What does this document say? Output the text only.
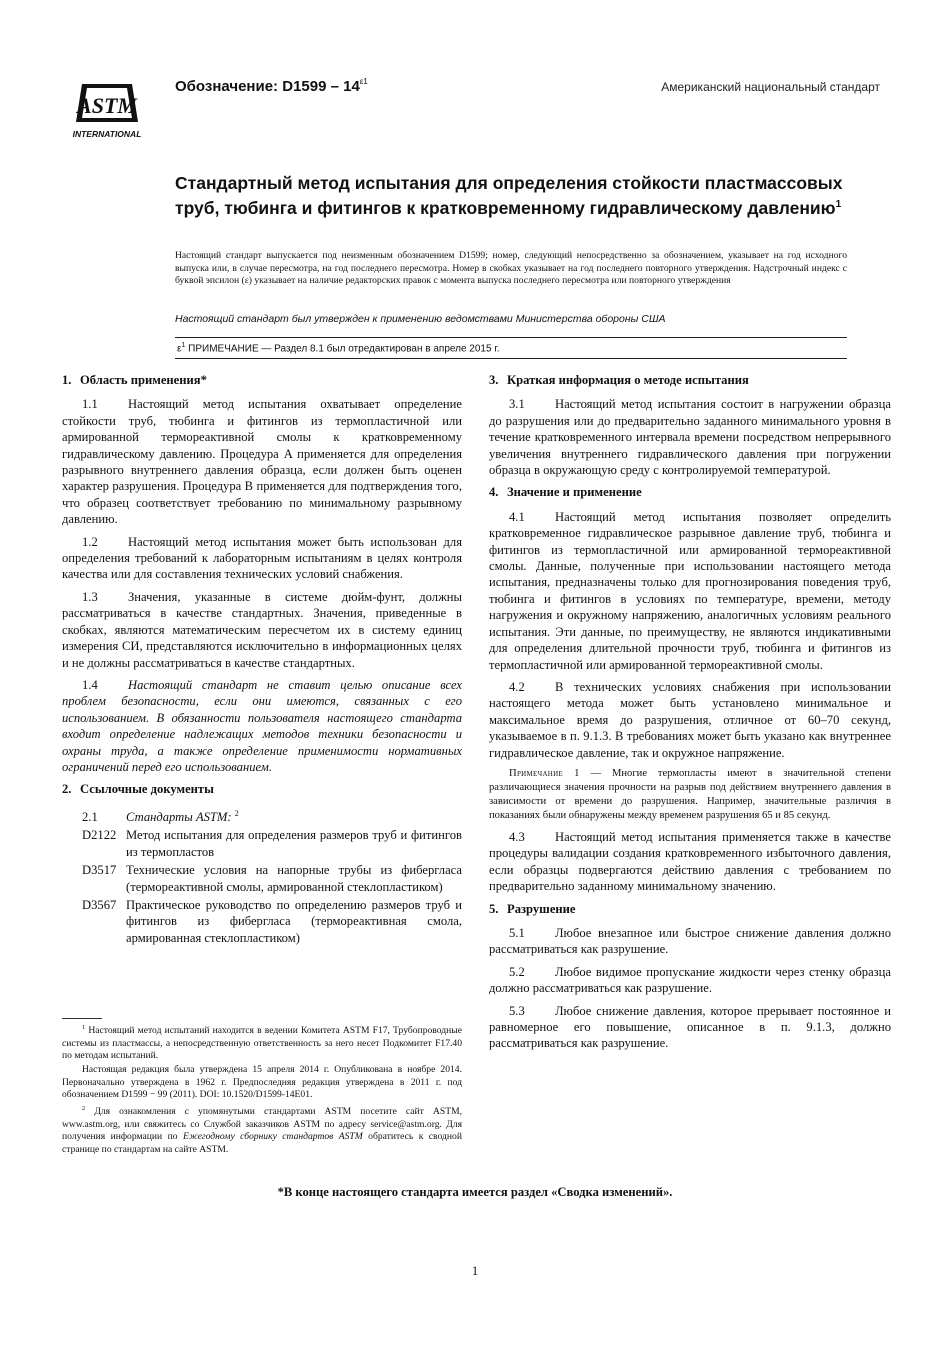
ASTM
INTERNATIONAL
Обозначение: $D1599 - 14^{\varepsilon 1}$	Американский национальный стандарт
Стандартный метод испытания для определения стойкости пластмассовых труб, тюбинга и фитингов к кратковременному гидравлическому давлению$^1$

Настоящий стандарт выпускается под неизменным обозначением D1599; номер, следующий непосредственно за обозначением, указывает на год исходного выпуска или, в случае пересмотра, на год последнего пересмотра. Номер в скобках указывает на год последнего повторного утверждения. Надстрочный индекс с буквой эпсилон (ε) указывает на наличие редакторских правок с момента выпуска последнего пересмотра или повторного утверждения

Настоящий стандарт был утвержден к применению ведомствами Министерства обороны США
$\varepsilon^1$ ПРИМЕЧАНИЕ — Раздел 8.1 был отредактирован в апреле 2015 г.

1. Область применения*

1.1 Настоящий метод испытания охватывает определение стойкости труб, тюбинга и фитингов из термопластичной или армированной термореактивной смолы к кратковременному гидравлическому давлению. Процедура A применяется для определения разрывного внутреннего давления образца, если должен быть оценен характер разрушения. Процедура B применяется для подтверждения того, что образец соответствует требованию по минимальному разрывному давлению.

1.2 Настоящий метод испытания может быть использован для определения требований к лабораторным испытаниям в целях контроля качества или для составления технических условий снабжения.

1.3 Значения, указанные в системе дюйм-фунт, должны рассматриваться в качестве стандартных. Значения, приведенные в скобках, являются математическим пересчетом их в систему единиц измерения СИ, представляются исключительно в информационных целях и не должны рассматриваться в качестве стандартных.

1.4 Настоящий стандарт не ставит целью описание всех проблем безопасности, если они имеются, связанных с его использованием. В обязанности пользователя настоящего стандарта входит определение надлежащих методов техники безопасности и охраны труда, а также определение применимости нормативных ограничений перед его использованием.

2. Ссылочные документы

2.1 Стандарты ASTM: $^2$
D2122 Метод испытания для определения размеров труб и фитингов из термопластов
D3517 Технические условия на напорные трубы из фибергласа (термореактивной смолы, армированной стеклопластиком)
D3567 Практическое руководство по определению размеров труб и фитингов из фибергласа (термореактивная смола, армированная стеклопластиком)

$^1$ Настоящий метод испытаний находится в ведении Комитета ASTM F17, Трубопроводные системы из пластмассы, а непосредственную ответственность за него несет Подкомитет F17.40 по методам испытаний.

Настоящая редакция была утверждена 15 апреля 2014 г. Опубликована в ноябре 2014. Первоначально утверждена в 1962 г. Предпоследняя редакция утверждена в 2011 г. под обозначением D1599 − 99 (2011). DOI: 10.1520/D1599-14E01.

$^2$ Для ознакомления с упомянутыми стандартами ASTM посетите сайт ASTM, www.astm.org, или свяжитесь со Службой заказчиков ASTM по адресу service@astm.org. Для получения информации по Ежегодному сборнику стандартов ASTM обратитесь к сводной странице по стандартам на сайте ASTM.

3. Краткая информация о методе испытания

3.1 Настоящий метод испытания состоит в нагружении образца до разрушения или до предварительно заданного минимального уровня в течение кратковременного интервала времени посредством непрерывного увеличения внутреннего гидравлического давления при погружении образца в окружающую среду с контролируемой температурой.

4. Значение и применение

4.1 Настоящий метод испытания позволяет определить кратковременное гидравлическое разрывное давление труб, тюбинга и фитингов из термопластичной или армированной термореактивной смолы. Данные, полученные при использовании настоящего метода испытания, предназначены только для прогнозирования поведения труб, тюбинга и фитингов в условиях по температуре, времени, методу нагружения и окружному напряжению, аналогичных условиям реального испытания. Эти данные, по преимуществу, не являются индикативными для определения длительной прочности труб, тюбинга и фитингов из термопластичной или армированной термореактивной смолы.

4.2 В технических условиях снабжения при использовании настоящего метода может быть установлено минимальное и максимальное время до разрушения, отличное от 60–70 секунд, указываемое в п. 9.1.3. В требованиях может быть указано как внутреннее гидравлическое давление, так и окружное напряжение.

Примечание 1 — Многие термопласты имеют в значительной степени различающиеся значения прочности на разрыв под действием внутреннего давления в зависимости от времени до разрушения. Например, значительные различия в показаниях были обнаружены между временем разрушения 65 и 85 секунд.

4.3 Настоящий метод испытания применяется также в качестве процедуры валидации создания кратковременного избыточного давления, если образцы подвергаются действию давления с требованием по предварительно заданному минимальному значению.

5. Разрушение

5.1 Любое внезапное или быстрое снижение давления должно рассматриваться как разрушение.

5.2 Любое видимое пропускание жидкости через стенку образца должно рассматриваться как разрушение.

5.3 Любое снижение давления, которое прерывает постоянное и равномерное его повышение, описанное в п. 9.1.3, должно рассматриваться как разрушение.

*В конце настоящего стандарта имеется раздел «Сводка изменений».
1
